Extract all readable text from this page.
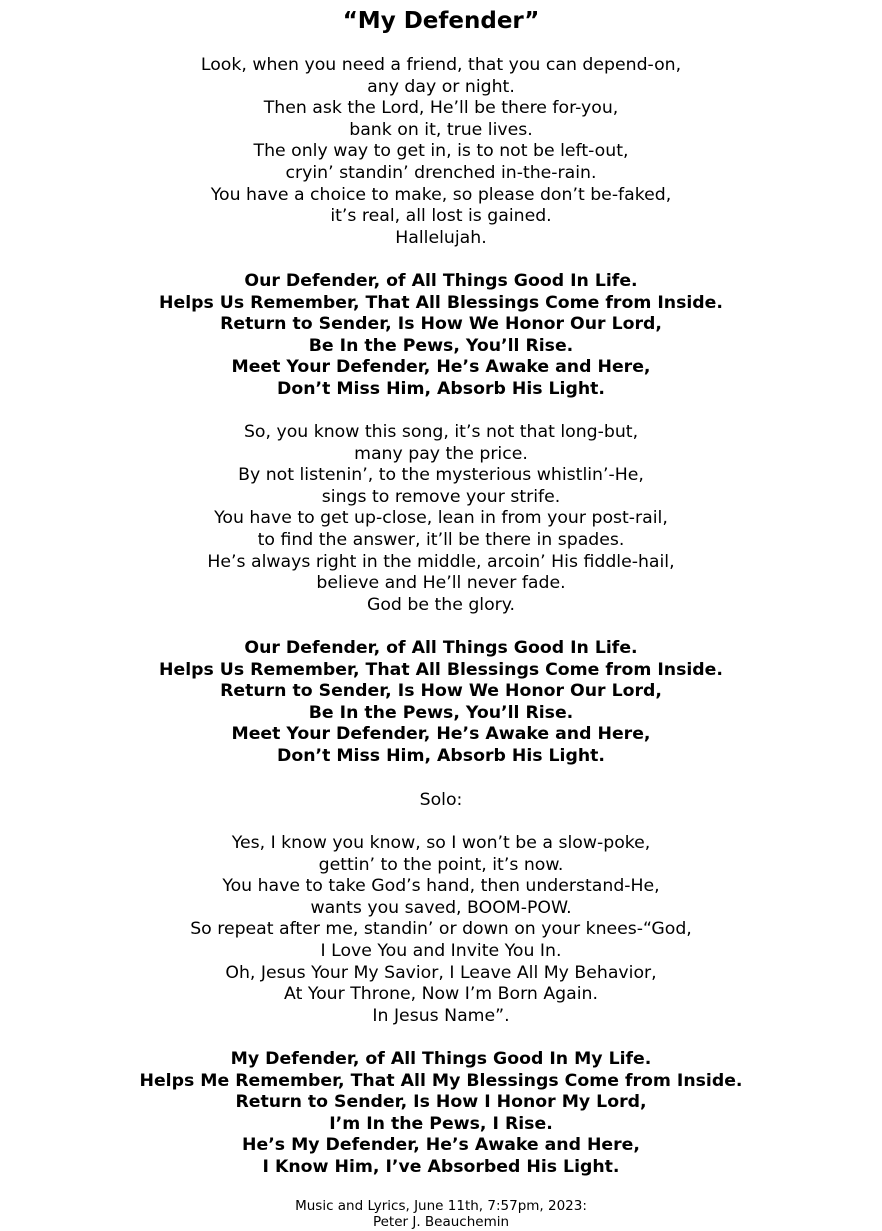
“My Defender”
Look, when you need a friend, that you can depend-on,
any day or night.
Then ask the Lord, He’ll be there for-you,
bank on it, true lives.
The only way to get in, is to not be left-out,
cryin’ standin’ drenched in-the-rain.
You have a choice to make, so please don’t be-faked,
it’s real, all lost is gained.
Hallelujah.
Our Defender, of All Things Good In Life.
Helps Us Remember, That All Blessings Come from Inside.
Return to Sender, Is How We Honor Our Lord,
Be In the Pews, You’ll Rise.
Meet Your Defender, He’s Awake and Here,
Don’t Miss Him, Absorb His Light.
So, you know this song, it’s not that long-but,
many pay the price.
By not listenin’, to the mysterious whistlin’-He,
sings to remove your strife.
You have to get up-close, lean in from your post-rail,
to find the answer, it’ll be there in spades.
He’s always right in the middle, arcoin’ His fiddle-hail,
believe and He’ll never fade.
God be the glory.
Our Defender, of All Things Good In Life.
Helps Us Remember, That All Blessings Come from Inside.
Return to Sender, Is How We Honor Our Lord,
Be In the Pews, You’ll Rise.
Meet Your Defender, He’s Awake and Here,
Don’t Miss Him, Absorb His Light.
Solo:
Yes, I know you know, so I won’t be a slow-poke,
gettin’ to the point, it’s now.
You have to take God’s hand, then understand-He,
wants you saved, BOOM-POW.
So repeat after me, standin’ or down on your knees-“God,
I Love You and Invite You In.
Oh, Jesus Your My Savior, I Leave All My Behavior,
At Your Throne, Now I’m Born Again.
In Jesus Name”.
My Defender, of All Things Good In My Life.
Helps Me Remember, That All My Blessings Come from Inside.
Return to Sender, Is How I Honor My Lord,
I’m In the Pews, I Rise.
He’s My Defender, He’s Awake and Here,
I Know Him, I’ve Absorbed His Light.
Music and Lyrics, June 11th, 7:57pm, 2023:
Peter J. Beauchemin
